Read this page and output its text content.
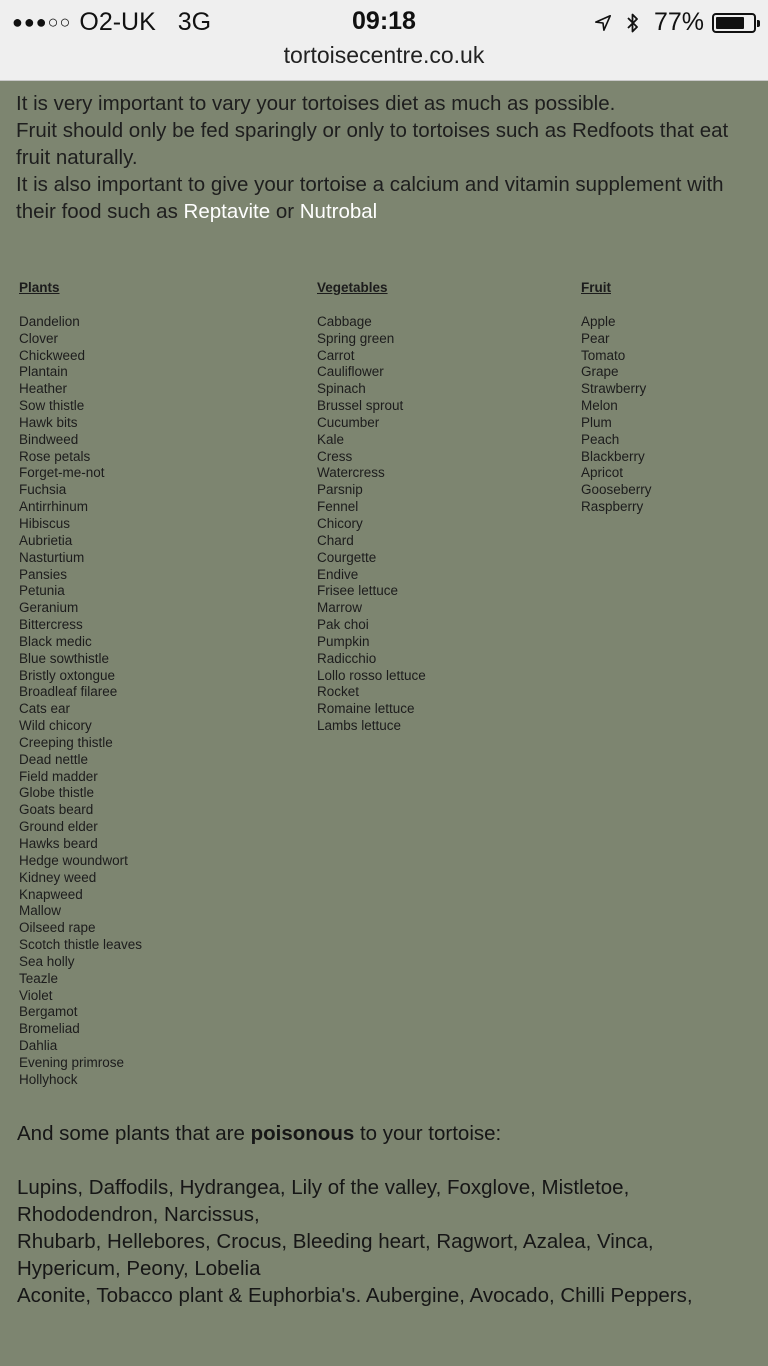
●●●○○ O2-UK 3G	09:18	77%
tortoisecentre.co.uk

It is very important to vary your tortoises diet as much as possible.

Fruit should only be fed sparingly or only to tortoises such as Redfoots that eat fruit naturally.

It is also important to give your tortoise a calcium and vitamin supplement with their food such as Reptavite or Nutrobal

Plants
Dandelion
Clover
Chickweed
Plantain
Heather
Sow thistle
Hawk bits
Bindweed
Rose petals
Forget-me-not
Fuchsia
Antirrhinum
Hibiscus
Aubrietia
Nasturtium
Pansies
Petunia
Geranium
Bittercress
Black medic
Blue sowthistle
Bristly oxtongue
Broadleaf filaree
Cats ear
Wild chicory
Creeping thistle
Dead nettle
Field madder
Globe thistle
Goats beard
Ground elder
Hawks beard
Hedge woundwort
Kidney weed
Knapweed
Mallow
Oilseed rape
Scotch thistle leaves
Sea holly
Teazle
Violet
Bergamot
Bromeliad
Dahlia
Evening primrose
Hollyhock
Vegetables
Cabbage
Spring green
Carrot
Cauliflower
Spinach
Brussel sprout
Cucumber
Kale
Cress
Watercress
Parsnip
Fennel
Chicory
Chard
Courgette
Endive
Frisee lettuce
Marrow
Pak choi
Pumpkin
Radicchio
Lollo rosso lettuce
Rocket
Romaine lettuce
Lambs lettuce
Fruit
Apple
Pear
Tomato
Grape
Strawberry
Melon
Plum
Peach
Blackberry
Apricot
Gooseberry
Raspberry

And some plants that are poisonous to your tortoise:

Lupins, Daffodils, Hydrangea, Lily of the valley, Foxglove, Mistletoe, Rhododendron, Narcissus,

Rhubarb, Hellebores, Crocus, Bleeding heart, Ragwort, Azalea, Vinca, Hypericum, Peony, Lobelia

Aconite, Tobacco plant & Euphorbia's. Aubergine, Avocado, Chilli Peppers,
